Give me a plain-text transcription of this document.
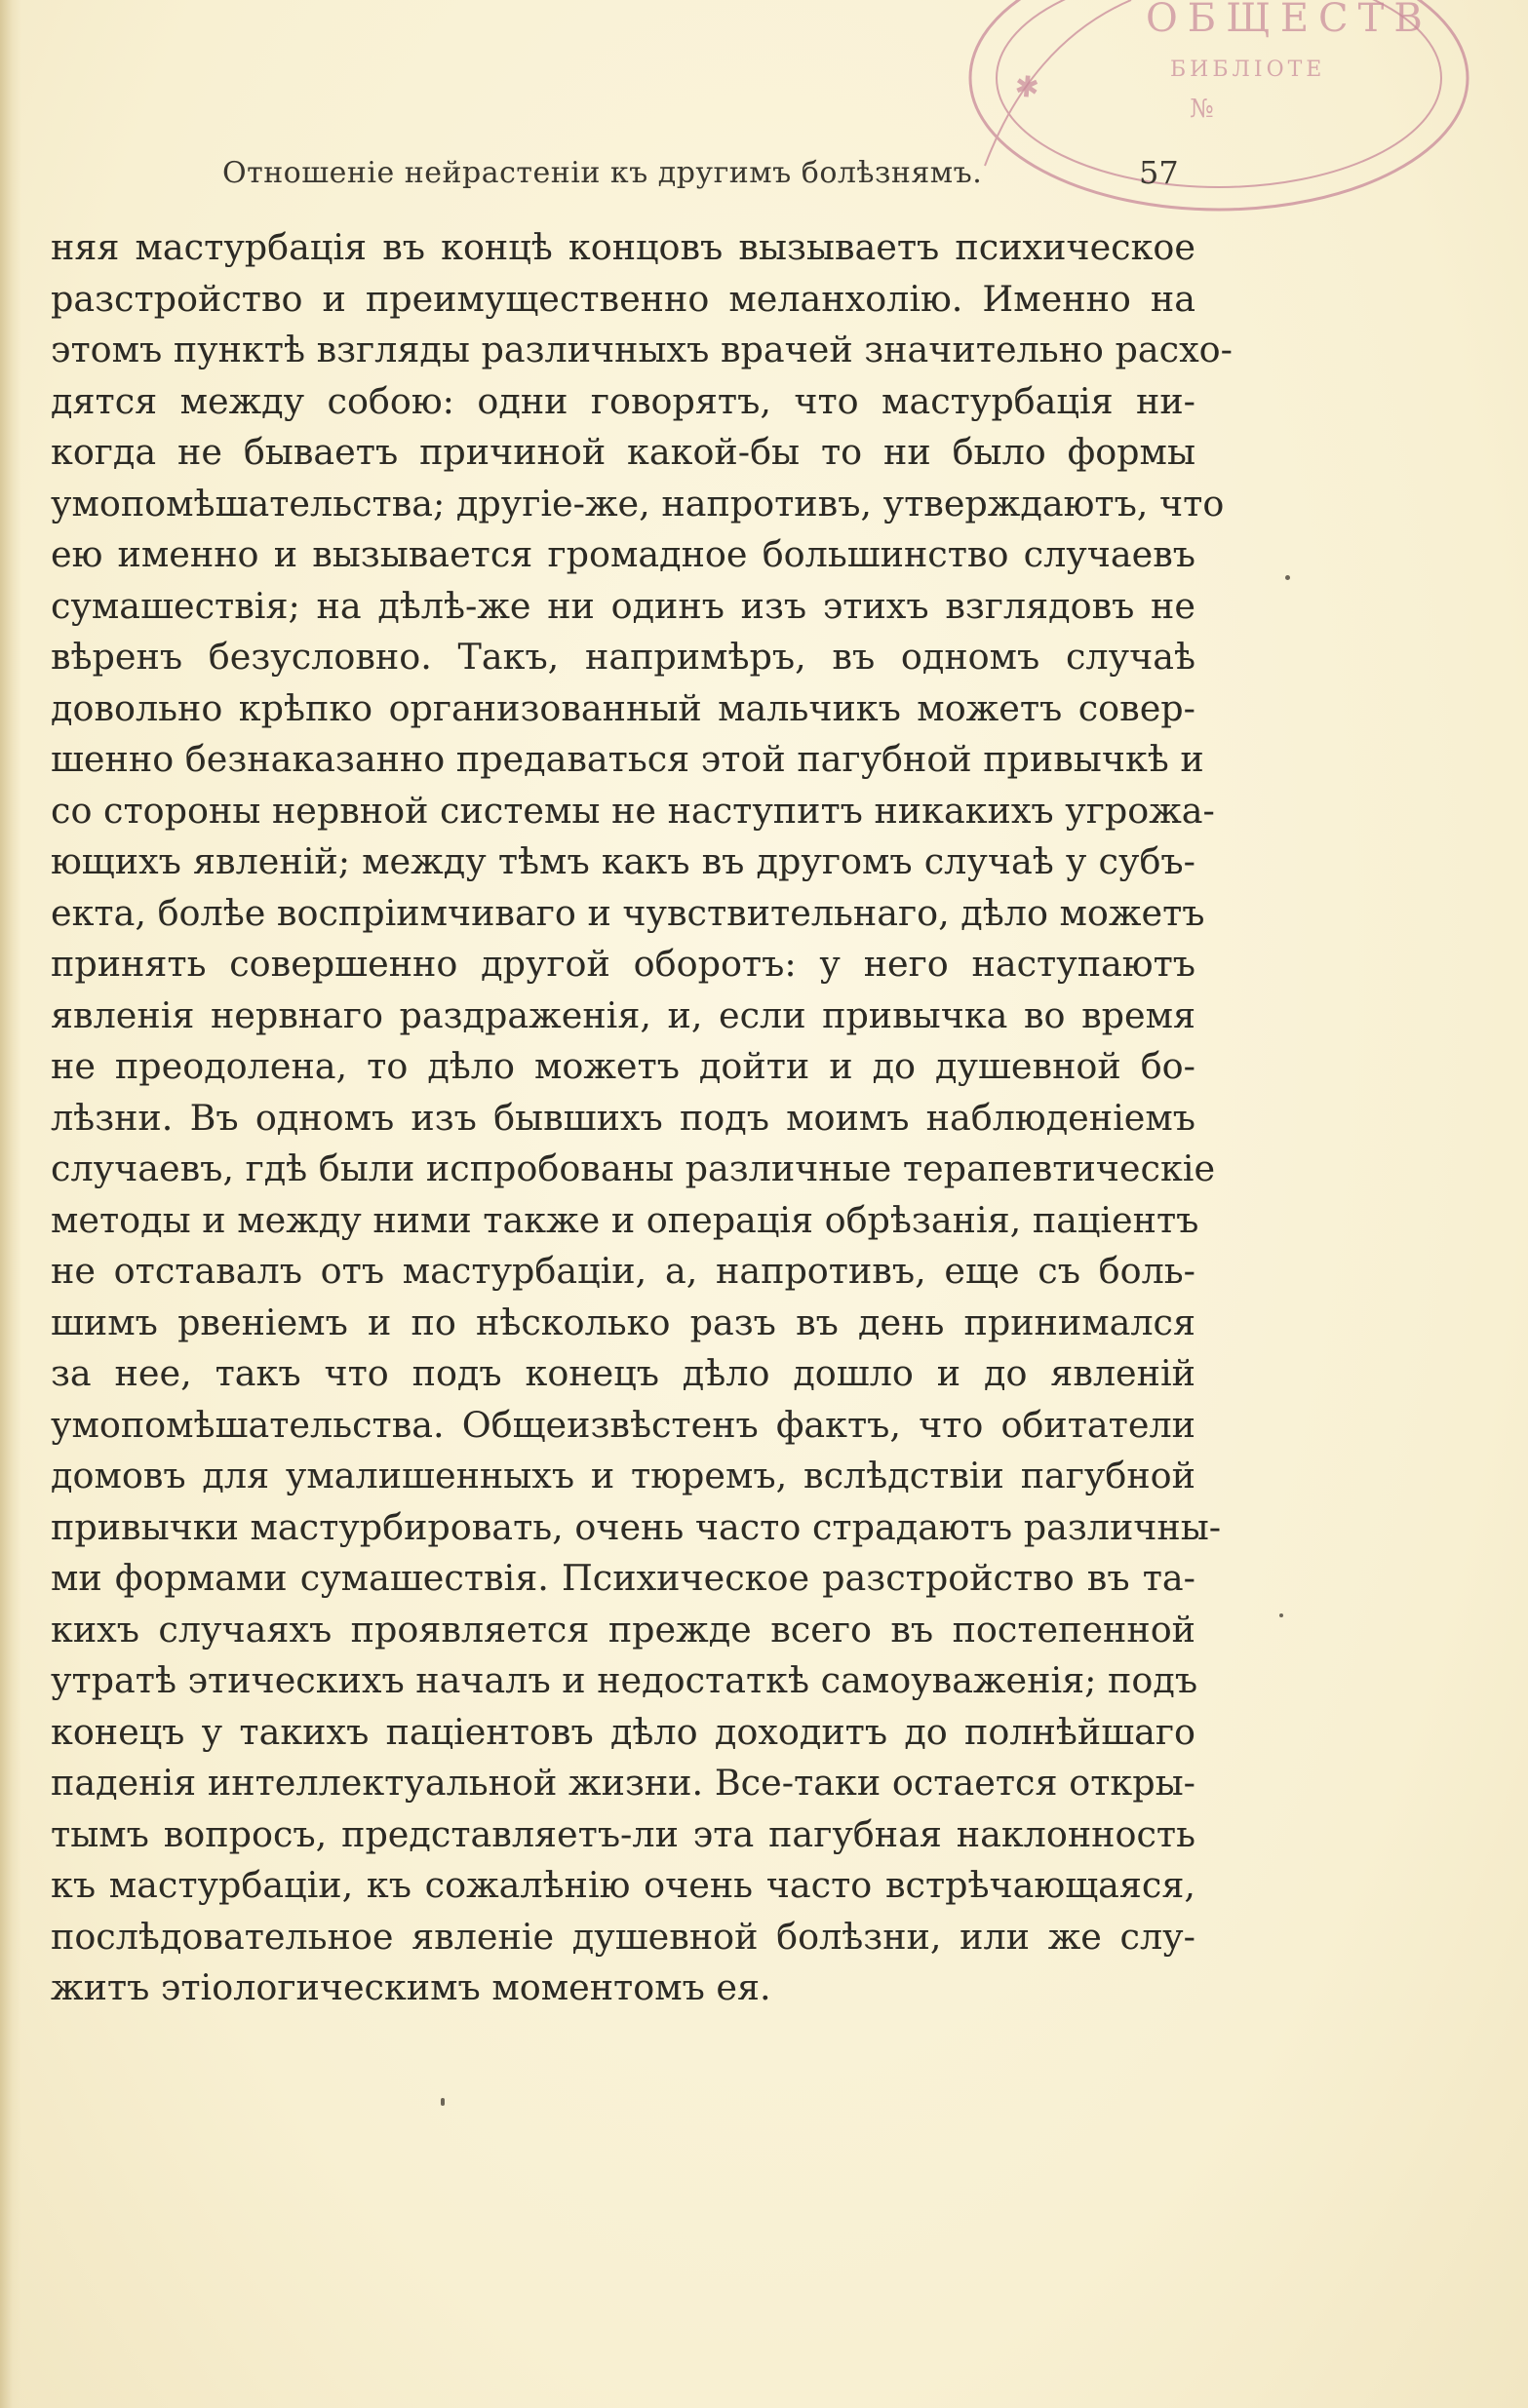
ОБЩЕСТВ
БИБЛІОТЕ
№
✱
Отношеніе нейрастеніи къ другимъ болѣзнямъ.	57
няя мастурбація въ концѣ концовъ вызываетъ психическое
разстройство и преимущественно меланхолію. Именно на
этомъ пунктѣ взгляды различныхъ врачей значительно расхо-
дятся между собою: одни говорятъ, что мастурбація ни-
когда не бываетъ причиной какой-бы то ни было формы
умопомѣшательства; другіе-же, напротивъ, утверждаютъ, что
ею именно и вызывается громадное большинство случаевъ
сумашествія; на дѣлѣ-же ни одинъ изъ этихъ взглядовъ не
вѣренъ безусловно. Такъ, напримѣръ, въ одномъ случаѣ
довольно крѣпко организованный мальчикъ можетъ совер-
шенно безнаказанно предаваться этой пагубной привычкѣ и
со стороны нервной системы не наступитъ никакихъ угрожа-
ющихъ явленій; между тѣмъ какъ въ другомъ случаѣ у субъ-
екта, болѣе воспріимчиваго и чувствительнаго, дѣло можетъ
принять совершенно другой оборотъ: у него наступаютъ
явленія нервнаго раздраженія, и, если привычка во время
не преодолена, то дѣло можетъ дойти и до душевной бо-
лѣзни. Въ одномъ изъ бывшихъ подъ моимъ наблюденіемъ
случаевъ, гдѣ были испробованы различные терапевтическіе
методы и между ними также и операція обрѣзанія, паціентъ
не отставалъ отъ мастурбаціи, а, напротивъ, еще съ боль-
шимъ рвеніемъ и по нѣсколько разъ въ день принимался
за нее, такъ что подъ конецъ дѣло дошло и до явленій
умопомѣшательства. Общеизвѣстенъ фактъ, что обитатели
домовъ для умалишенныхъ и тюремъ, вслѣдствіи пагубной
привычки мастурбировать, очень часто страдаютъ различны-
ми формами сумашествія. Психическое разстройство въ та-
кихъ случаяхъ проявляется прежде всего въ постепенной
утратѣ этическихъ началъ и недостаткѣ самоуваженія; подъ
конецъ у такихъ паціентовъ дѣло доходитъ до полнѣйшаго
паденія интеллектуальной жизни. Все-таки остается откры-
тымъ вопросъ, представляетъ-ли эта пагубная наклонность
къ мастурбаціи, къ сожалѣнію очень часто встрѣчающаяся,
послѣдовательное явленіе душевной болѣзни, или же слу-
житъ этіологическимъ моментомъ ея.
